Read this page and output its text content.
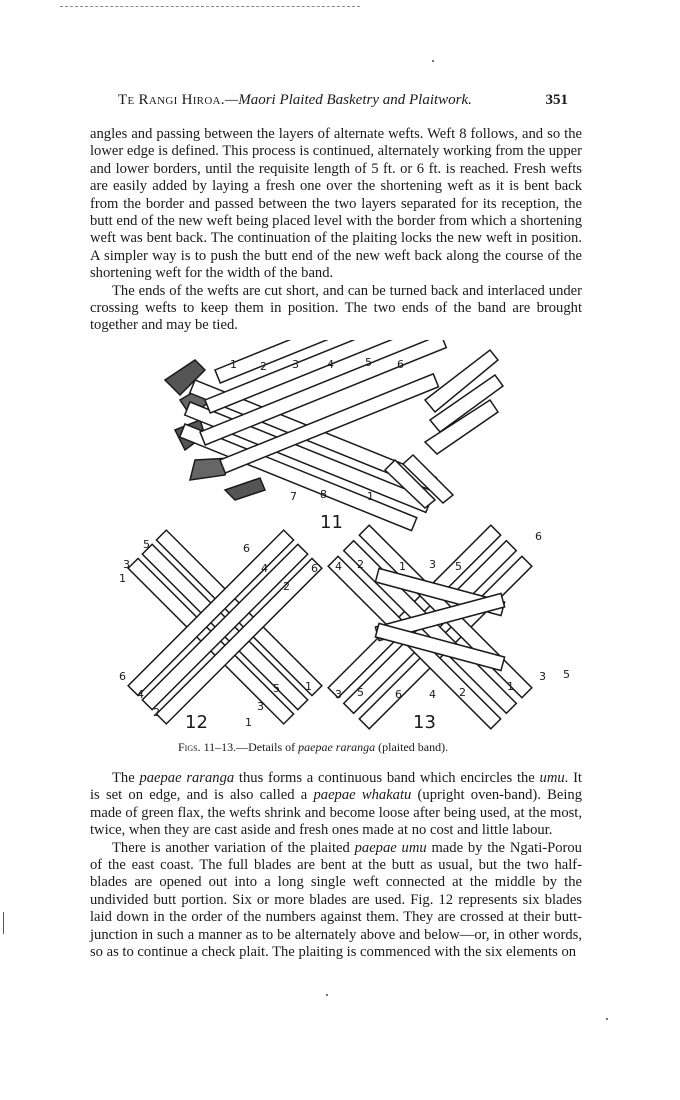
Te Rangi Hiroa.—Maori Plaited Basketry and Plaitwork.	351

angles and passing between the layers of alternate wefts. Weft 8 follows, and so the lower edge is defined. This process is continued, alternately working from the upper and lower borders, until the requisite length of 5 ft. or 6 ft. is reached. Fresh wefts are easily added by laying a fresh one over the shortening weft as it is bent back from the border and passed between the two layers separated for its reception, the butt end of the new weft being placed level with the border from which a shortening weft was bent back. The continuation of the plaiting locks the new weft in position. A simpler way is to push the butt end of the new weft back along the course of the shortening weft for the width of the band.

The ends of the wefts are cut short, and can be turned back and interlaced under crossing wefts to keep them in position. The two ends of the band are brought together and may be tied.

11
12	13
1 2 3	4	5 6
7 8	1
5
3
1
6
4
2
6
4
2
1
3
5
6 4 2	1 3 5
6
1
3 5	6 4 2	1
3 5
Figs. 11–13.—Details of paepae raranga (plaited band).

The paepae raranga thus forms a continuous band which encircles the umu. It is set on edge, and is also called a paepae whakatu (upright oven-band). Being made of green flax, the wefts shrink and become loose after being used, at the most, twice, when they are cast aside and fresh ones made at no cost and little labour.

There is another variation of the plaited paepae umu made by the Ngati-Porou of the east coast. The full blades are bent at the butt as usual, but the two half-blades are opened out into a long single weft connected at the middle by the undivided butt portion. Six or more blades are used. Fig. 12 represents six blades laid down in the order of the numbers against them. They are crossed at their butt-junction in such a manner as to be alternately above and below—or, in other words, so as to continue a check plait. The plaiting is commenced with the six elements on
